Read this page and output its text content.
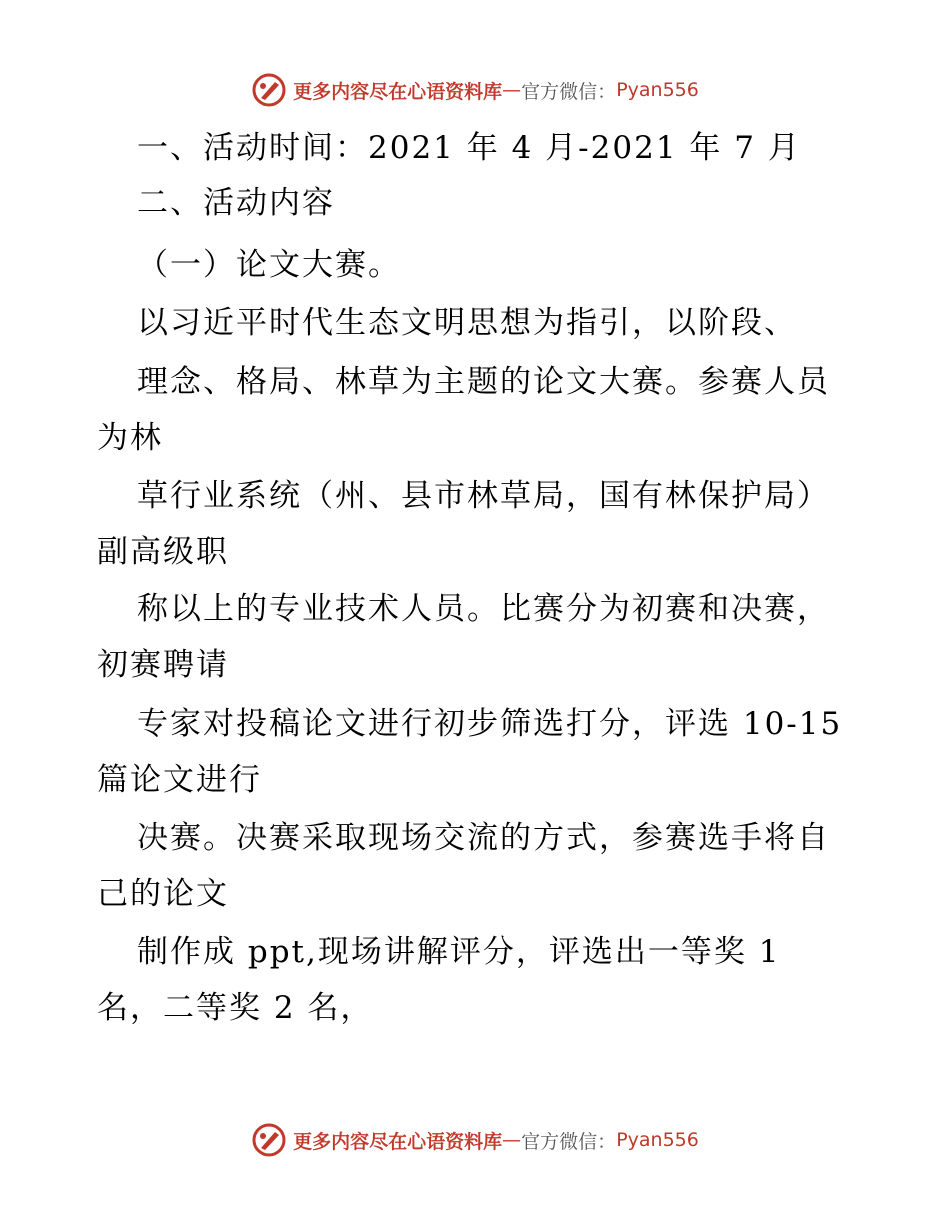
更多内容尽在心语资料库 — 官方微信： Pyan556
一、活动时间：2021 年 4 月-2021 年 7 月
二、活动内容
（一）论文大赛。
以习近平时代生态文明思想为指引，以阶段、
理念、格局、林草为主题的论文大赛。参赛人员
为林
草行业系统（州、县市林草局，国有林保护局）
副高级职
称以上的专业技术人员。比赛分为初赛和决赛，
初赛聘请
专家对投稿论文进行初步筛选打分，评选 10-15
篇论文进行
决赛。决赛采取现场交流的方式，参赛选手将自
己的论文
制作成 ppt,现场讲解评分，评选出一等奖 1
名，二等奖 2 名，
更多内容尽在心语资料库 — 官方微信： Pyan556
